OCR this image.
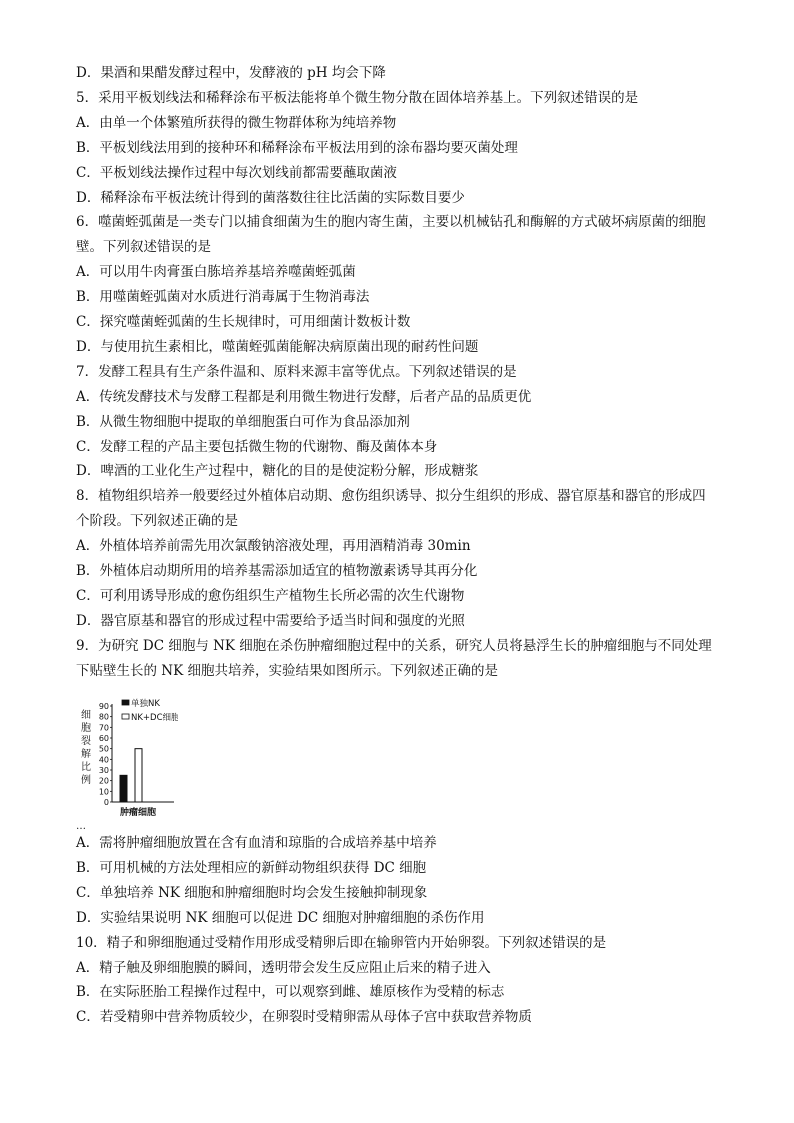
D．果酒和果醋发酵过程中，发酵液的 pH 均会下降
5．采用平板划线法和稀释涂布平板法能将单个微生物分散在固体培养基上。下列叙述错误的是
A．由单一个体繁殖所获得的微生物群体称为纯培养物
B．平板划线法用到的接种环和稀释涂布平板法用到的涂布器均要灭菌处理
C．平板划线法操作过程中每次划线前都需要蘸取菌液
D．稀释涂布平板法统计得到的菌落数往往比活菌的实际数目要少
6．噬菌蛭弧菌是一类专门以捕食细菌为生的胞内寄生菌，主要以机械钻孔和酶解的方式破坏病原菌的细胞
壁。下列叙述错误的是
A．可以用牛肉膏蛋白胨培养基培养噬菌蛭弧菌
B．用噬菌蛭弧菌对水质进行消毒属于生物消毒法
C．探究噬菌蛭弧菌的生长规律时，可用细菌计数板计数
D．与使用抗生素相比，噬菌蛭弧菌能解决病原菌出现的耐药性问题
7．发酵工程具有生产条件温和、原料来源丰富等优点。下列叙述错误的是
A．传统发酵技术与发酵工程都是利用微生物进行发酵，后者产品的品质更优
B．从微生物细胞中提取的单细胞蛋白可作为食品添加剂
C．发酵工程的产品主要包括微生物的代谢物、酶及菌体本身
D．啤酒的工业化生产过程中，糖化的目的是使淀粉分解，形成糖浆
8．植物组织培养一般要经过外植体启动期、愈伤组织诱导、拟分生组织的形成、器官原基和器官的形成四
个阶段。下列叙述正确的是
A．外植体培养前需先用次氯酸钠溶液处理，再用酒精消毒 30min
B．外植体启动期所用的培养基需添加适宜的植物激素诱导其再分化
C．可利用诱导形成的愈伤组织生产植物生长所必需的次生代谢物
D．器官原基和器官的形成过程中需要给予适当时间和强度的光照
9．为研究 DC 细胞与 NK 细胞在杀伤肿瘤细胞过程中的关系，研究人员将悬浮生长的肿瘤细胞与不同处理
下贴壁生长的 NK 细胞共培养，实验结果如图所示。下列叙述正确的是
细
胞
裂
解
比
例
0
10
20
30
40
50
60
70
80
90	单独NK
NK+DC细胞
肿瘤细胞
…
A．需将肿瘤细胞放置在含有血清和琼脂的合成培养基中培养
B．可用机械的方法处理相应的新鲜动物组织获得 DC 细胞
C．单独培养 NK 细胞和肿瘤细胞时均会发生接触抑制现象
D．实验结果说明 NK 细胞可以促进 DC 细胞对肿瘤细胞的杀伤作用
10．精子和卵细胞通过受精作用形成受精卵后即在输卵管内开始卵裂。下列叙述错误的是
A．精子触及卵细胞膜的瞬间，透明带会发生反应阻止后来的精子进入
B．在实际胚胎工程操作过程中，可以观察到雌、雄原核作为受精的标志
C．若受精卵中营养物质较少，在卵裂时受精卵需从母体子宫中获取营养物质
